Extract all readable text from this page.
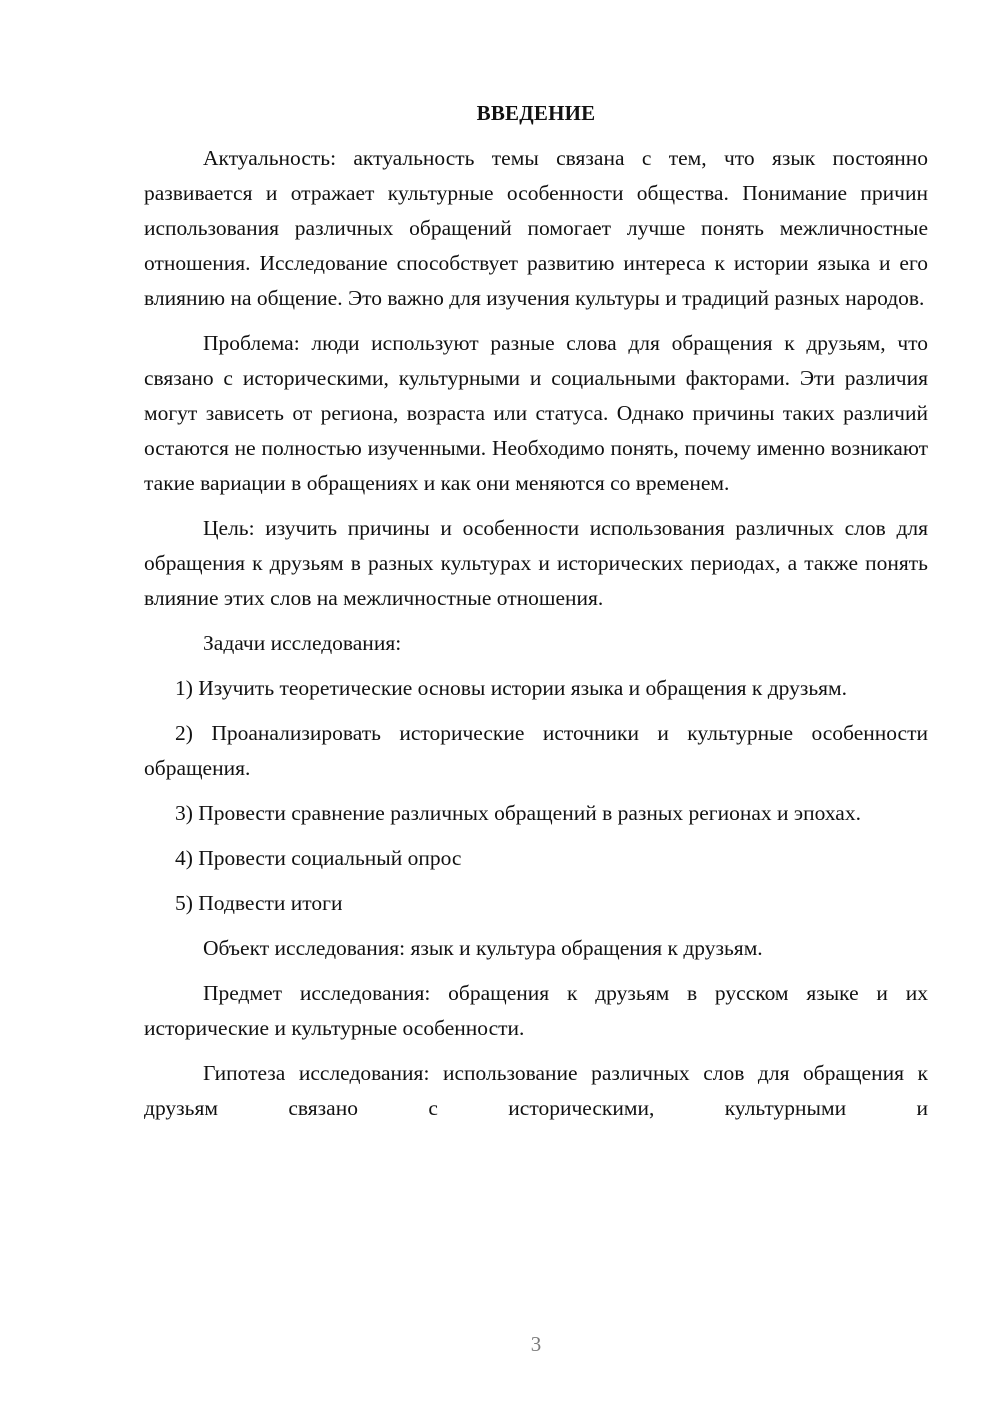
ВВЕДЕНИЕ

Актуальность: актуальность темы связана с тем, что язык постоянно развивается и отражает культурные особенности общества. Понимание причин использования различных обращений помогает лучше понять межличностные отношения. Исследование способствует развитию интереса к истории языка и его влиянию на общение. Это важно для изучения культуры и традиций разных народов.

Проблема: люди используют разные слова для обращения к друзьям, что связано с историческими, культурными и социальными факторами. Эти различия могут зависеть от региона, возраста или статуса. Однако причины таких различий остаются не полностью изученными. Необходимо понять, почему именно возникают такие вариации в обращениях и как они меняются со временем.

Цель: изучить причины и особенности использования различных слов для обращения к друзьям в разных культурах и исторических периодах, а также понять влияние этих слов на межличностные отношения.

Задачи исследования:

1) Изучить теоретические основы истории языка и обращения к друзьям.

2) Проанализировать исторические источники и культурные особенности обращения.

3) Провести сравнение различных обращений в разных регионах и эпохах.

4) Провести социальный опрос

5) Подвести итоги

Объект исследования: язык и культура обращения к друзьям.

Предмет исследования: обращения к друзьям в русском языке и их исторические и культурные особенности.

Гипотеза исследования: использование различных слов для обращения к друзьям связано с историческими, культурными и

3
